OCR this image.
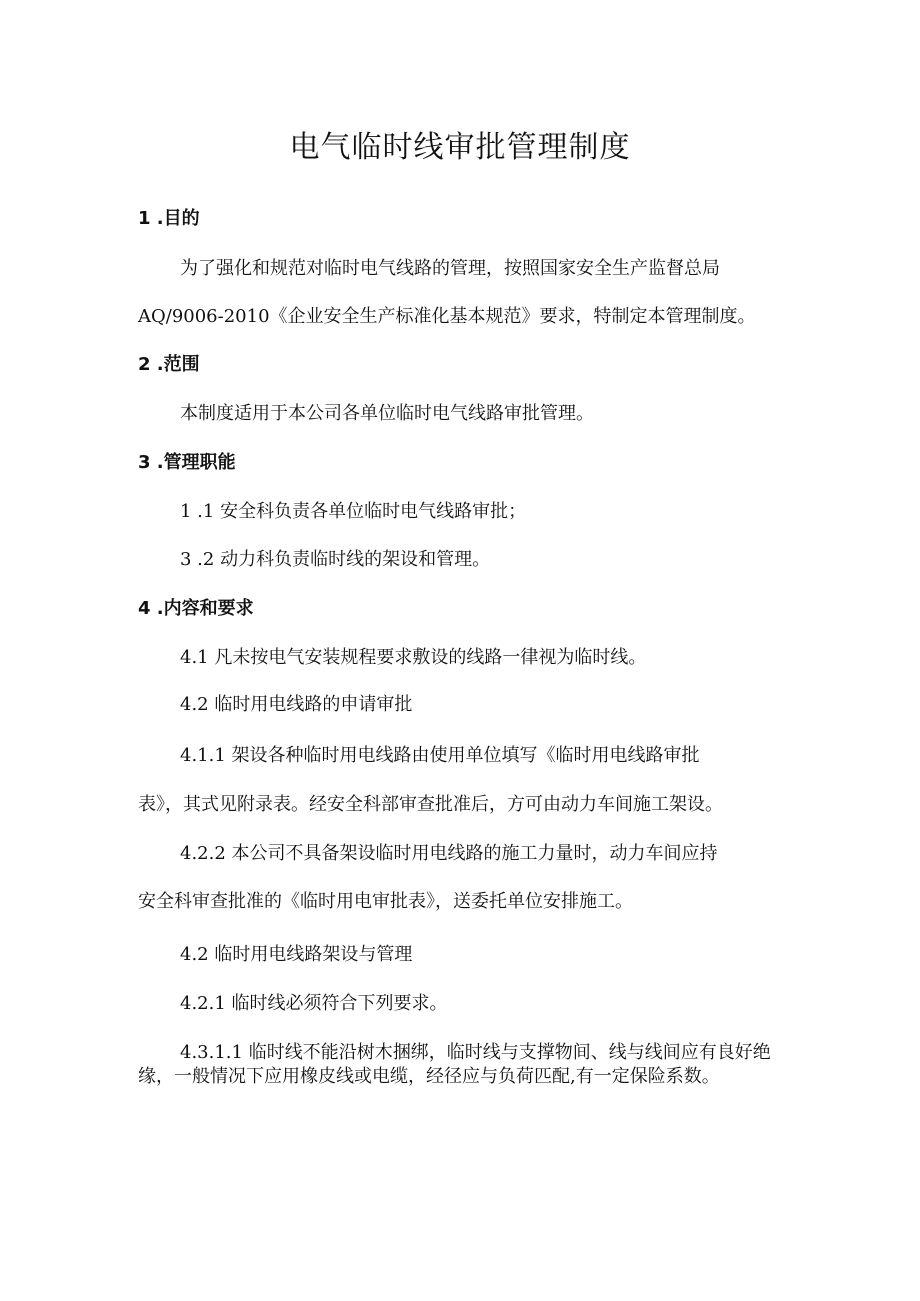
电气临时线审批管理制度
1 .目的
为了强化和规范对临时电气线路的管理，按照国家安全生产监督总局
AQ/9006-2010《企业安全生产标准化基本规范》要求，特制定本管理制度。
2 .范围
本制度适用于本公司各单位临时电气线路审批管理。
3 .管理职能
1 .1 安全科负责各单位临时电气线路审批；
3 .2 动力科负责临时线的架设和管理。
4 .内容和要求
4.1 凡未按电气安装规程要求敷设的线路一律视为临时线。
4.2 临时用电线路的申请审批
4.1.1 架设各种临时用电线路由使用单位填写《临时用电线路审批
表》，其式见附录表。经安全科部审查批准后，方可由动力车间施工架设。
4.2.2 本公司不具备架设临时用电线路的施工力量时，动力车间应持
安全科审查批准的《临时用电审批表》，送委托单位安排施工。
4.2 临时用电线路架设与管理
4.2.1 临时线必须符合下列要求。
4.3.1.1 临时线不能沿树木捆绑，临时线与支撑物间、线与线间应有良好绝缘，一般情况下应用橡皮线或电缆，经径应与负荷匹配,有一定保险系数。
